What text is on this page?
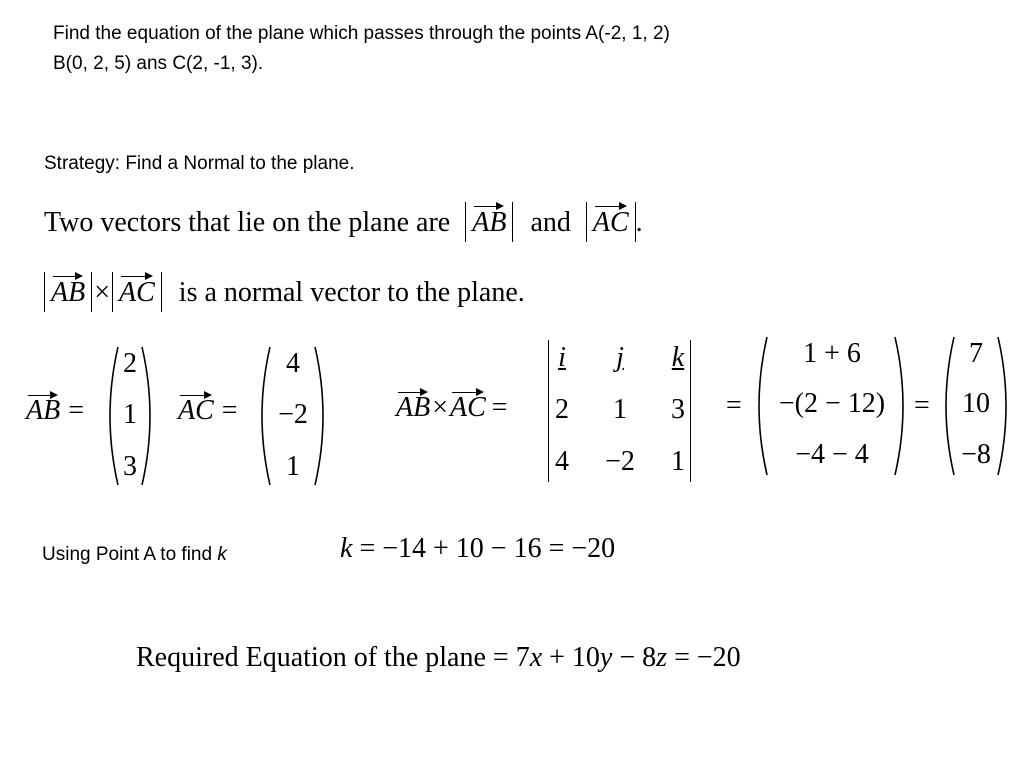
Find the equation of the plane which passes through the points A(-2, 1, 2)
B(0, 2, 5) ans C(2, -1, 3).
Strategy: Find a Normal to the plane.
Two vectors that lie on the plane are AB and AC .
AB × AC is a normal vector to the plane.
AB =
2
1
3
AC =
4
−2
1
AB×AC =
i	j	k
2	1	3
4	−2	1
=
1 + 6
−(2 − 12)
−4 − 4
=
7
10
−8
Using Point A to find k	k = −14 + 10 − 16 = −20
Required Equation of the plane = 7x + 10y − 8z = −20
